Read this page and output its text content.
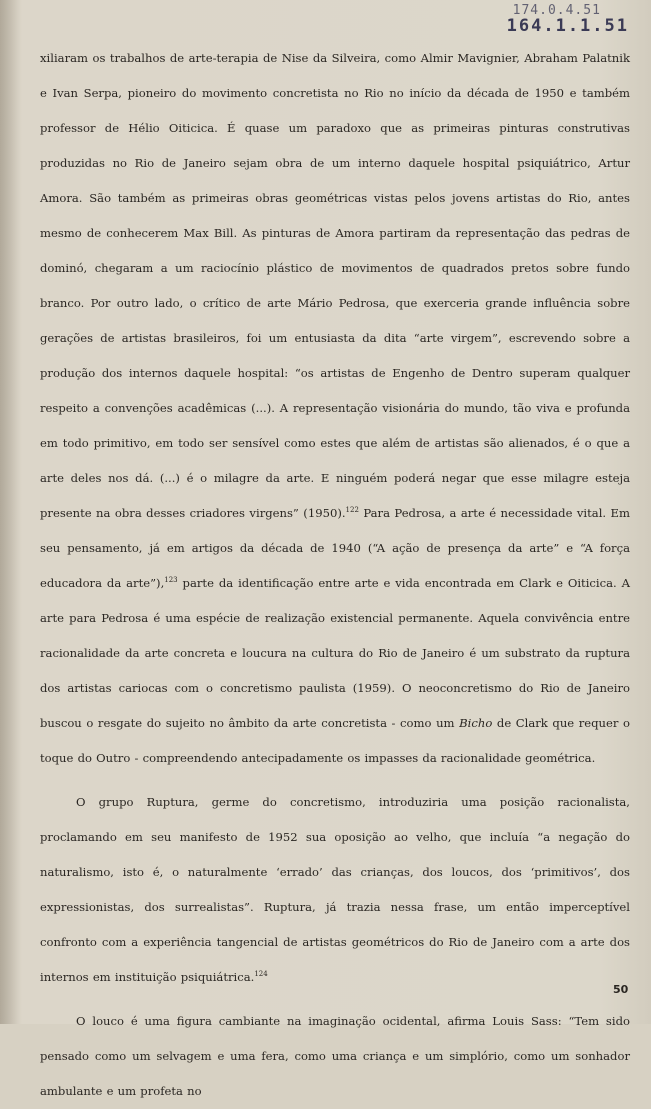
174.0.4.51
164.1.1.51

xiliaram os trabalhos de arte-terapia de Nise da Silveira, como Almir Mavignier, Abraham Palatnik e Ivan Serpa, pioneiro do movimento concretista no Rio no início da década de 1950 e também professor de Hélio Oiticica. É quase um paradoxo que as primeiras pinturas construtivas produzidas no Rio de Janeiro sejam obra de um interno daquele hospital psiquiátrico, Artur Amora. São também as primeiras obras geométricas vistas pelos jovens artistas do Rio, antes mesmo de conhecerem Max Bill. As pinturas de Amora partiram da representação das pedras de dominó, chegaram a um raciocínio plástico de movimentos de quadrados pretos sobre fundo branco. Por outro lado, o crítico de arte Mário Pedrosa, que exerceria grande influência sobre gerações de artistas brasileiros, foi um entusiasta da dita “arte virgem”, escrevendo sobre a produção dos internos daquele hospital: “os artistas de Engenho de Dentro superam qualquer respeito a convenções acadêmicas (...). A representação visionária do mundo, tão viva e profunda em todo primitivo, em todo ser sensível como estes que além de artistas são alienados, é o que a arte deles nos dá. (...) é o milagre da arte. E ninguém poderá negar que esse milagre esteja presente na obra desses criadores virgens” (1950).$^{122}$ Para Pedrosa, a arte é necessidade vital. Em seu pensamento, já em artigos da década de 1940 (“A ação de presença da arte” e “A força educadora da arte”),$^{123}$ parte da identificação entre arte e vida encontrada em Clark e Oiticica. A arte para Pedrosa é uma espécie de realização existencial permanente. Aquela convivência entre racionalidade da arte concreta e loucura na cultura do Rio de Janeiro é um substrato da ruptura dos artistas cariocas com o concretismo paulista (1959). O neoconcretismo do Rio de Janeiro buscou o resgate do sujeito no âmbito da arte concretista - como um Bicho de Clark que requer o toque do Outro - compreendendo antecipadamente os impasses da racionalidade geométrica.

O grupo Ruptura, germe do concretismo, introduziria uma posição racionalista, proclamando em seu manifesto de 1952 sua oposição ao velho, que incluía “a negação do naturalismo, isto é, o naturalmente ‘errado’ das crianças, dos loucos, dos ‘primitivos’, dos expressionistas, dos surrealistas”. Ruptura, já trazia nessa frase, um então imperceptível confronto com a experiência tangencial de artistas geométricos do Rio de Janeiro com a arte dos internos em instituição psiquiátrica.$^{124}$

O louco é uma figura cambiante na imaginação ocidental, afirma Louis Sass: “Tem sido pensado como um selvagem e uma fera, como uma criança e um simplório, como um sonhador ambulante e um profeta no

50
